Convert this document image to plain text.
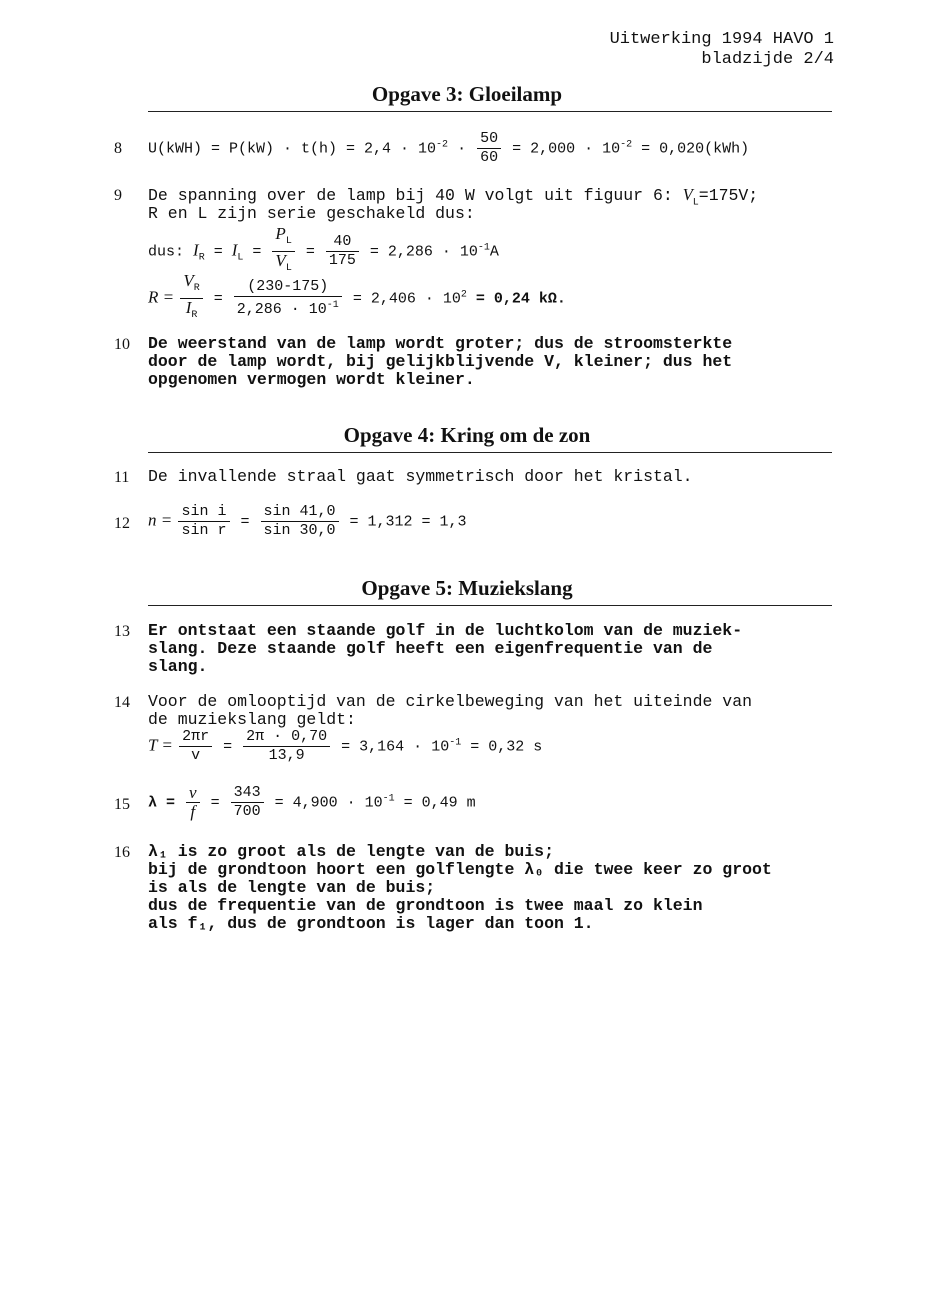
Uitwerking 1994 HAVO 1
bladzijde 2/4
Opgave 3: Gloeilamp
8	$U(kWH) = P(kW) \cdot t(h) = 2,4 \cdot 10^{-2} \cdot \frac{50}{60} = 2,000 \cdot 10^{-2} = 0,020(kWh)$
9	De spanning over de lamp bij 40 W volgt uit figuur 6: $V_L=175V$;
R en L zijn serie geschakeld dus:
dus: $I_R = I_L = \frac{P_L}{V_L} = \frac{40}{175} = 2,286 \cdot 10^{-1}A$
$R = \frac{V_R}{I_R} = \frac{(230-175)}{2,286 \cdot 10^{-1}} = 2,406 \cdot 10^2 = 0,24$ kΩ.
10	De weerstand van de lamp wordt groter; dus de stroomsterkte
door de lamp wordt, bij gelijkblijvende V, kleiner; dus het
opgenomen vermogen wordt kleiner.
Opgave 4: Kring om de zon
11	De invallende straal gaat symmetrisch door het kristal.
12	$n = \frac{\text{sin i}}{\text{sin r}} = \frac{\sin 41,0}{\sin 30,0} = 1,312 = 1,3$
Opgave 5: Muziekslang
13	Er ontstaat een staande golf in de luchtkolom van de muziek-
slang. Deze staande golf heeft een eigenfrequentie van de
slang.
14	Voor de omlooptijd van de cirkelbeweging van het uiteinde van
de muziekslang geldt:
$T = \frac{2\pi r}{v} = \frac{2\pi \cdot 0,70}{13,9} = 3,164 \cdot 10^{-1} = 0,32$ s
15	$\lambda = \frac{v}{f} = \frac{343}{700} = 4,900 \cdot 10^{-1} = 0,49$ m
16	λ₁ is zo groot als de lengte van de buis;
bij de grondtoon hoort een golflengte λ₀ die twee keer zo groot
is als de lengte van de buis;
dus de frequentie van de grondtoon is twee maal zo klein
als f₁, dus de grondtoon is lager dan toon 1.
